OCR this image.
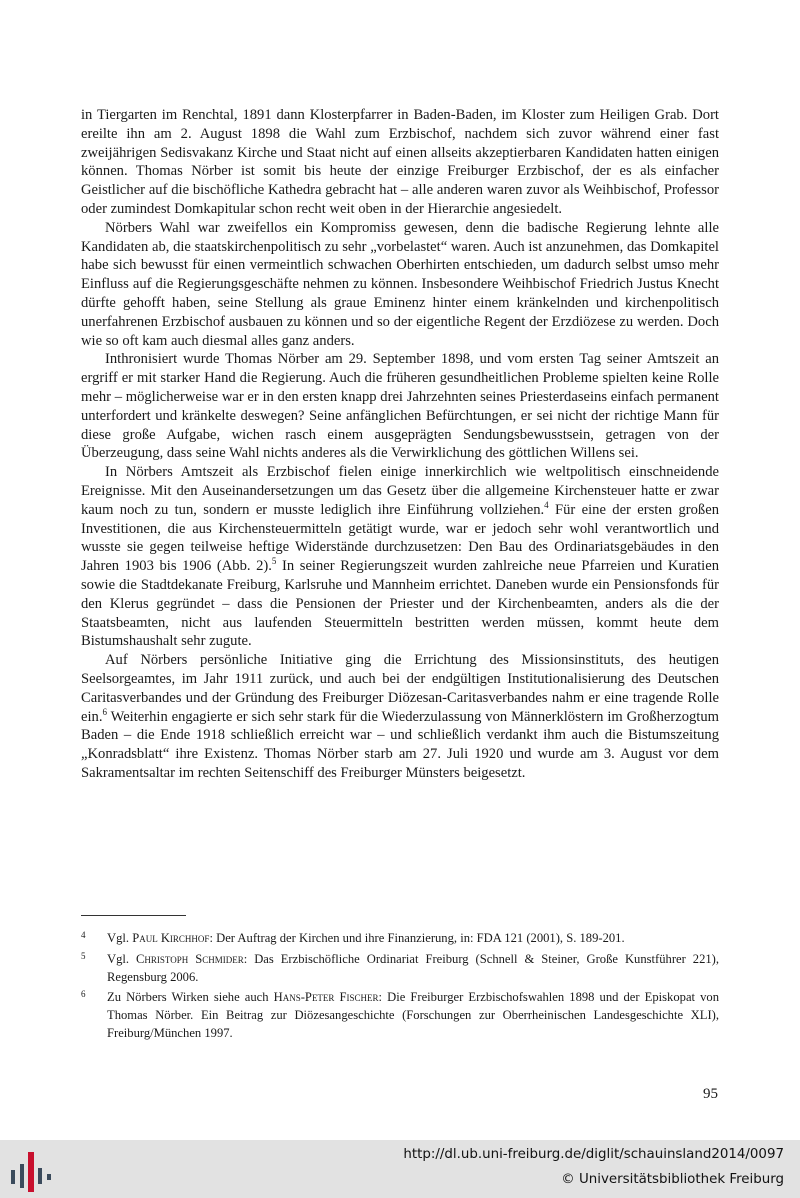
in Tiergarten im Renchtal, 1891 dann Klosterpfarrer in Baden-Baden, im Kloster zum Heiligen Grab. Dort ereilte ihn am 2. August 1898 die Wahl zum Erzbischof, nachdem sich zuvor während einer fast zweijährigen Sedisvakanz Kirche und Staat nicht auf einen allseits akzeptierbaren Kandidaten hatten einigen können. Thomas Nörber ist somit bis heute der einzige Freiburger Erzbischof, der es als einfacher Geistlicher auf die bischöfliche Kathedra gebracht hat – alle anderen waren zuvor als Weihbischof, Professor oder zumindest Domkapitular schon recht weit oben in der Hierarchie angesiedelt.

Nörbers Wahl war zweifellos ein Kompromiss gewesen, denn die badische Regierung lehnte alle Kandidaten ab, die staatskirchenpolitisch zu sehr „vorbelastet“ waren. Auch ist anzunehmen, das Domkapitel habe sich bewusst für einen vermeintlich schwachen Oberhirten entschieden, um dadurch selbst umso mehr Einfluss auf die Regierungsgeschäfte nehmen zu können. Insbesondere Weihbischof Friedrich Justus Knecht dürfte gehofft haben, seine Stellung als graue Eminenz hinter einem kränkelnden und kirchenpolitisch unerfahrenen Erzbischof ausbauen zu können und so der eigentliche Regent der Erzdiözese zu werden. Doch wie so oft kam auch diesmal alles ganz anders.

Inthronisiert wurde Thomas Nörber am 29. September 1898, und vom ersten Tag seiner Amtszeit an ergriff er mit starker Hand die Regierung. Auch die früheren gesundheitlichen Probleme spielten keine Rolle mehr – möglicherweise war er in den ersten knapp drei Jahrzehnten seines Priesterdaseins einfach permanent unterfordert und kränkelte deswegen? Seine anfänglichen Befürchtungen, er sei nicht der richtige Mann für diese große Aufgabe, wichen rasch einem ausgeprägten Sendungsbewusstsein, getragen von der Überzeugung, dass seine Wahl nichts anderes als die Verwirklichung des göttlichen Willens sei.

In Nörbers Amtszeit als Erzbischof fielen einige innerkirchlich wie weltpolitisch einschneidende Ereignisse. Mit den Auseinandersetzungen um das Gesetz über die allgemeine Kirchensteuer hatte er zwar kaum noch zu tun, sondern er musste lediglich ihre Einführung vollziehen.$^4$ Für eine der ersten großen Investitionen, die aus Kirchensteuermitteln getätigt wurde, war er jedoch sehr wohl verantwortlich und wusste sie gegen teilweise heftige Widerstände durchzusetzen: Den Bau des Ordinariatsgebäudes in den Jahren 1903 bis 1906 (Abb. 2).$^5$ In seiner Regierungszeit wurden zahlreiche neue Pfarreien und Kuratien sowie die Stadtdekanate Freiburg, Karlsruhe und Mannheim errichtet. Daneben wurde ein Pensionsfonds für den Klerus gegründet – dass die Pensionen der Priester und der Kirchenbeamten, anders als die der Staatsbeamten, nicht aus laufenden Steuermitteln bestritten werden müssen, kommt heute dem Bistumshaushalt sehr zugute.

Auf Nörbers persönliche Initiative ging die Errichtung des Missionsinstituts, des heutigen Seelsorgeamtes, im Jahr 1911 zurück, und auch bei der endgültigen Institutionalisierung des Deutschen Caritasverbandes und der Gründung des Freiburger Diözesan-Caritasverbandes nahm er eine tragende Rolle ein.$^6$ Weiterhin engagierte er sich sehr stark für die Wiederzulassung von Männerklöstern im Großherzogtum Baden – die Ende 1918 schließlich erreicht war – und schließlich verdankt ihm auch die Bistumszeitung „Konradsblatt“ ihre Existenz. Thomas Nörber starb am 27. Juli 1920 und wurde am 3. August vor dem Sakramentsaltar im rechten Seitenschiff des Freiburger Münsters beigesetzt.

4 Vgl. Paul Kirchhof: Der Auftrag der Kirchen und ihre Finanzierung, in: FDA 121 (2001), S. 189-201.
5 Vgl. Christoph Schmider: Das Erzbischöfliche Ordinariat Freiburg (Schnell & Steiner, Große Kunstführer 221), Regensburg 2006.
6 Zu Nörbers Wirken siehe auch Hans-Peter Fischer: Die Freiburger Erzbischofswahlen 1898 und der Episkopat von Thomas Nörber. Ein Beitrag zur Diözesangeschichte (Forschungen zur Oberrheinischen Landesgeschichte XLI), Freiburg/München 1997.
95
http://dl.ub.uni-freiburg.de/diglit/schauinsland2014/0097
© Universitätsbibliothek Freiburg
